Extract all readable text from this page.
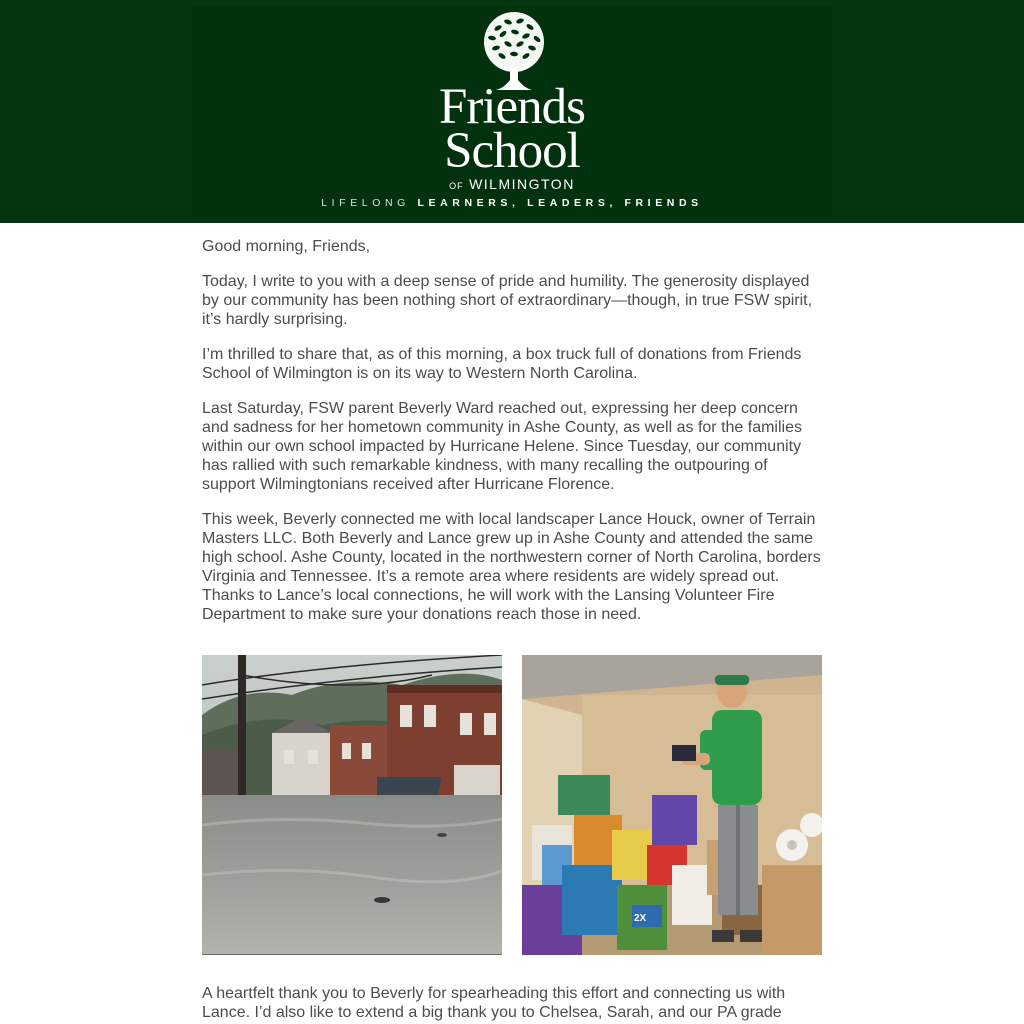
Friends
School
OF WILMINGTON
LIFELONG LEARNERS, LEADERS, FRIENDS

Good morning, Friends,

Today, I write to you with a deep sense of pride and humility. The generosity displayed by our community has been nothing short of extraordinary—though, in true FSW spirit, it’s hardly surprising.

I’m thrilled to share that, as of this morning, a box truck full of donations from Friends School of Wilmington is on its way to Western North Carolina.

Last Saturday, FSW parent Beverly Ward reached out, expressing her deep concern and sadness for her hometown community in Ashe County, as well as for the families within our own school impacted by Hurricane Helene. Since Tuesday, our community has rallied with such remarkable kindness, with many recalling the outpouring of support Wilmingtonians received after Hurricane Florence.

This week, Beverly connected me with local landscaper Lance Houck, owner of Terrain Masters LLC. Both Beverly and Lance grew up in Ashe County and attended the same high school. Ashe County, located in the northwestern corner of North Carolina, borders Virginia and Tennessee. It’s a remote area where residents are widely spread out. Thanks to Lance’s local connections, he will work with the Lansing Volunteer Fire Department to make sure your donations reach those in need.

2X

A heartfelt thank you to Beverly for spearheading this effort and connecting us with Lance. I’d also like to extend a big thank you to Chelsea, Sarah, and our PA grade
